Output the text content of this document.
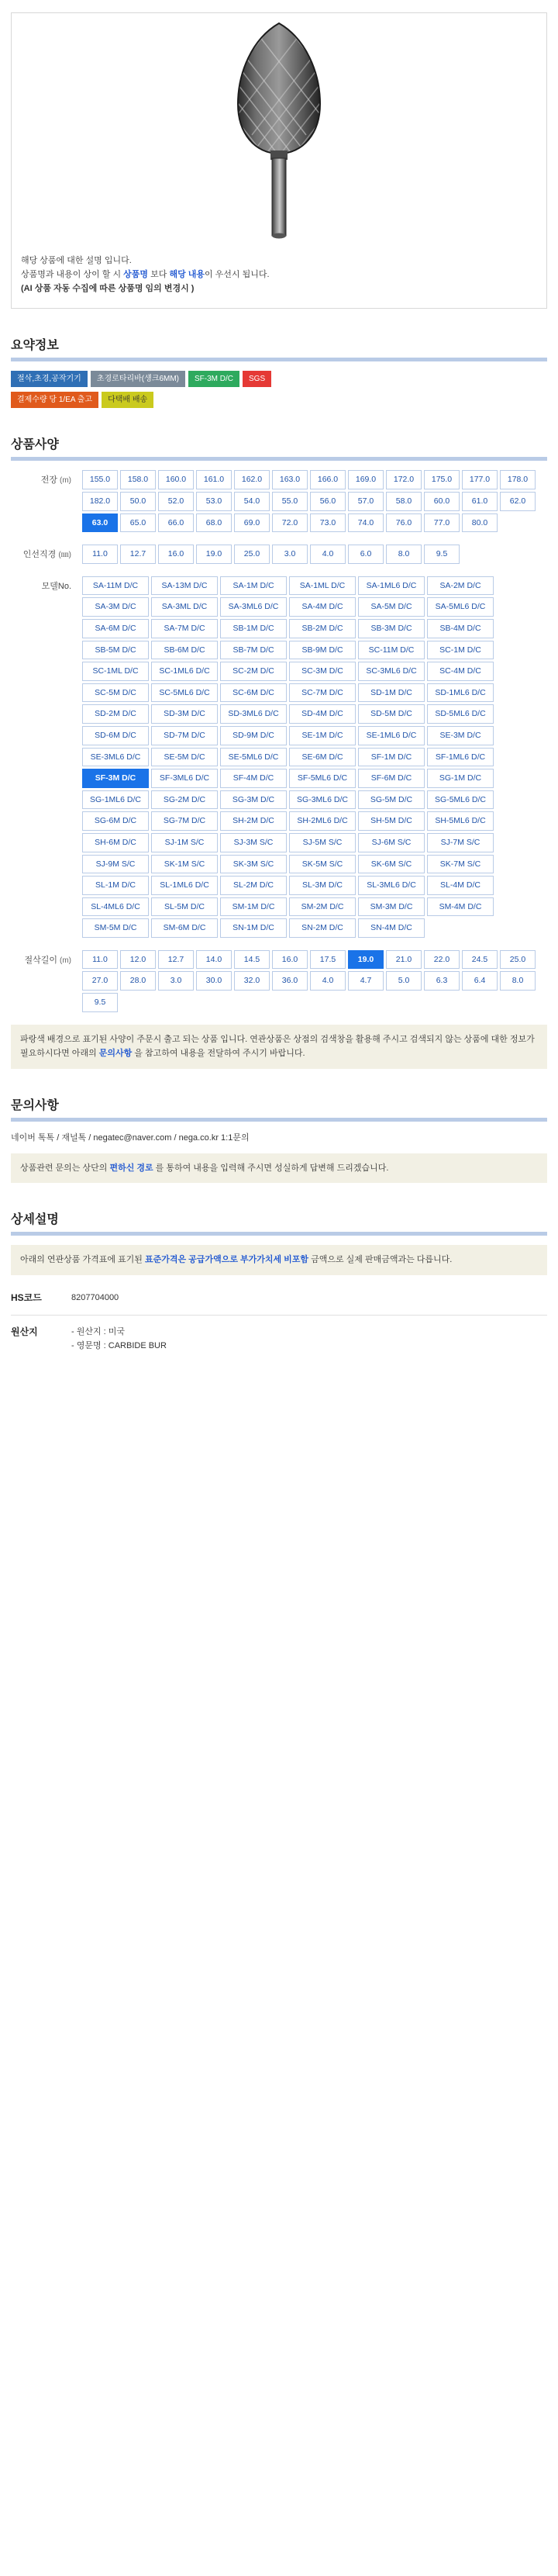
해당 상품에 대한 설명 입니다.
상품명과 내용이 상이 할 시 상품명 보다 해당 내용이 우선시 됩니다.
(AI 상품 자동 수집에 따른 상품명 임의 변경시 )
요약정보
절삭,초경,공작기기	초경로타리바(섕크6MM)	SF-3M D/C	SGS
결제수량 당 1/EA 출고	다택배 배송
상품사양
전장 (m)	155.0	158.0	160.0	161.0	162.0	163.0	166.0	169.0	172.0	175.0	177.0	178.0
182.0	50.0	52.0	53.0	54.0	55.0	56.0	57.0	58.0	60.0	61.0	62.0
63.0	65.0	66.0	68.0	69.0	72.0	73.0	74.0	76.0	77.0	80.0
인선직경 (㎜)	11.0	12.7	16.0	19.0	25.0	3.0	4.0	6.0	8.0	9.5
모델No.	SA-11M D/C	SA-13M D/C	SA-1M D/C	SA-1ML D/C	SA-1ML6 D/C	SA-2M D/C
SA-3M D/C	SA-3ML D/C	SA-3ML6 D/C	SA-4M D/C	SA-5M D/C	SA-5ML6 D/C
SA-6M D/C	SA-7M D/C	SB-1M D/C	SB-2M D/C	SB-3M D/C	SB-4M D/C
SB-5M D/C	SB-6M D/C	SB-7M D/C	SB-9M D/C	SC-11M D/C	SC-1M D/C
SC-1ML D/C	SC-1ML6 D/C	SC-2M D/C	SC-3M D/C	SC-3ML6 D/C	SC-4M D/C
SC-5M D/C	SC-5ML6 D/C	SC-6M D/C	SC-7M D/C	SD-1M D/C	SD-1ML6 D/C
SD-2M D/C	SD-3M D/C	SD-3ML6 D/C	SD-4M D/C	SD-5M D/C	SD-5ML6 D/C
SD-6M D/C	SD-7M D/C	SD-9M D/C	SE-1M D/C	SE-1ML6 D/C	SE-3M D/C
SE-3ML6 D/C	SE-5M D/C	SE-5ML6 D/C	SE-6M D/C	SF-1M D/C	SF-1ML6 D/C
SF-3M D/C	SF-3ML6 D/C	SF-4M D/C	SF-5ML6 D/C	SF-6M D/C	SG-1M D/C
SG-1ML6 D/C	SG-2M D/C	SG-3M D/C	SG-3ML6 D/C	SG-5M D/C	SG-5ML6 D/C
SG-6M D/C	SG-7M D/C	SH-2M D/C	SH-2ML6 D/C	SH-5M D/C	SH-5ML6 D/C
SH-6M D/C	SJ-1M S/C	SJ-3M S/C	SJ-5M S/C	SJ-6M S/C	SJ-7M S/C
SJ-9M S/C	SK-1M S/C	SK-3M S/C	SK-5M S/C	SK-6M S/C	SK-7M S/C
SL-1M D/C	SL-1ML6 D/C	SL-2M D/C	SL-3M D/C	SL-3ML6 D/C	SL-4M D/C
SL-4ML6 D/C	SL-5M D/C	SM-1M D/C	SM-2M D/C	SM-3M D/C	SM-4M D/C
SM-5M D/C	SM-6M D/C	SN-1M D/C	SN-2M D/C	SN-4M D/C
절삭길이 (m)	11.0	12.0	12.7	14.0	14.5	16.0	17.5	19.0	21.0	22.0	24.5	25.0
27.0	28.0	3.0	30.0	32.0	36.0	4.0	4.7	5.0	6.3	6.4	8.0
9.5
파랑색 배경으로 표기된 사양이 주문시 출고 되는 상품 입니다. 연관상품은 상점의 검색창을 활용해 주시고 검색되지 않는 상품에 대한 정보가 필요하시다면 아래의 문의사항 을 참고하여 내용을 전달하여 주시기 바랍니다.
문의사항
네이버 톡톡 / 재널톡 / negatec@naver.com / nega.co.kr 1:1문의
상품관련 문의는 상단의 편하신 경로 를 통하여 내용을 입력해 주시면 성실하게 답변해 드리겠습니다.
상세설명
아래의 연관상품 가격표에 표기된 표준가격은 공급가액으로 부가가치세 비포함 금액으로 실제 판매금액과는 다릅니다.
HS코드	8207704000
원산지	- 원산지 : 미국
- 영문명 : CARBIDE BUR
